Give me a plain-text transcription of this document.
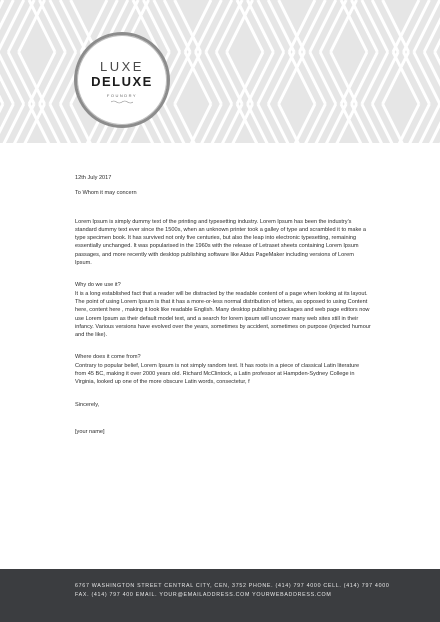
LUXE
DELUXE
FOUNDRY

12th July 2017

To Whom it may concern

Lorem Ipsum is simply dummy text of the printing and typesetting industry. Lorem Ipsum has been the industry's standard dummy text ever since the 1500s, when an unknown printer took a galley of type and scrambled it to make a type specimen book. It has survived not only five centuries, but also the leap into electronic typesetting, remaining essentially unchanged. It was popularised in the 1960s with the release of Letraset sheets containing Lorem Ipsum passages, and more recently with desktop publishing software like Aldus PageMaker including versions of Lorem Ipsum.

Why do we use it?
It is a long established fact that a reader will be distracted by the readable content of a page when looking at its layout. The point of using Lorem Ipsum is that it has a more-or-less normal distribution of letters, as opposed to using Content here, content here , making it look like readable English. Many desktop publishing packages and web page editors now use Lorem Ipsum as their default model text, and a search for lorem ipsum will uncover many web sites still in their infancy. Various versions have evolved over the years, sometimes by accident, sometimes on purpose (injected humour and the like).

Where does it come from?
Contrary to popular belief, Lorem Ipsum is not simply random text. It has roots in a piece of classical Latin literature from 45 BC, making it over 2000 years old. Richard McClintock, a Latin professor at Hampden-Sydney College in Virginia, looked up one of the more obscure Latin words, consectetur, f

Sincerely,

[your name]

6767 WASHINGTON STREET CENTRAL CITY, CEN, 3752 PHONE. (414) 797 4000 CELL. (414) 797 4000
FAX. (414) 797 400 EMAIL. YOUR@EMAILADDRESS.COM YOURWEBADDRESS.COM
